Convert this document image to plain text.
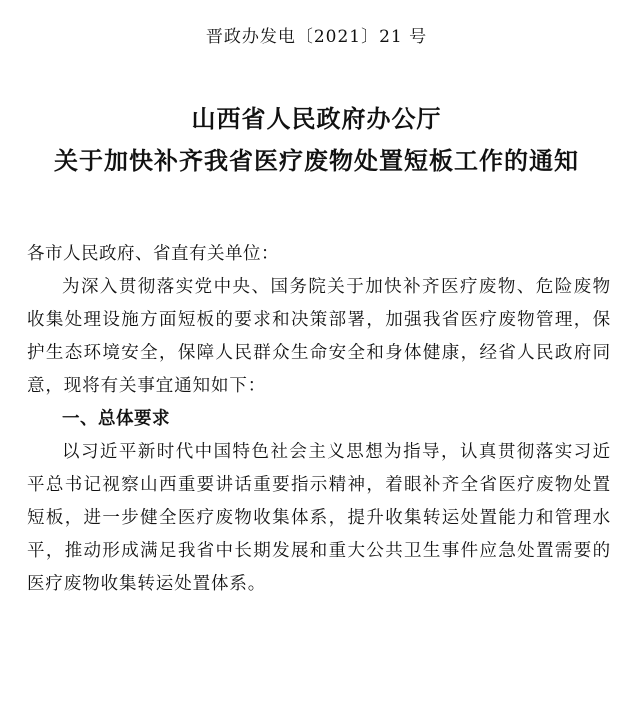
晋政办发电〔2021〕21 号
山西省人民政府办公厅
关于加快补齐我省医疗废物处置短板工作的通知

各市人民政府、省直有关单位：

为深入贯彻落实党中央、国务院关于加快补齐医疗废物、危险废物收集处理设施方面短板的要求和决策部署，加强我省医疗废物管理，保护生态环境安全，保障人民群众生命安全和身体健康，经省人民政府同意，现将有关事宜通知如下：

一、总体要求

以习近平新时代中国特色社会主义思想为指导，认真贯彻落实习近平总书记视察山西重要讲话重要指示精神，着眼补齐全省医疗废物处置短板，进一步健全医疗废物收集体系，提升收集转运处置能力和管理水平，推动形成满足我省中长期发展和重大公共卫生事件应急处置需要的医疗废物收集转运处置体系。
